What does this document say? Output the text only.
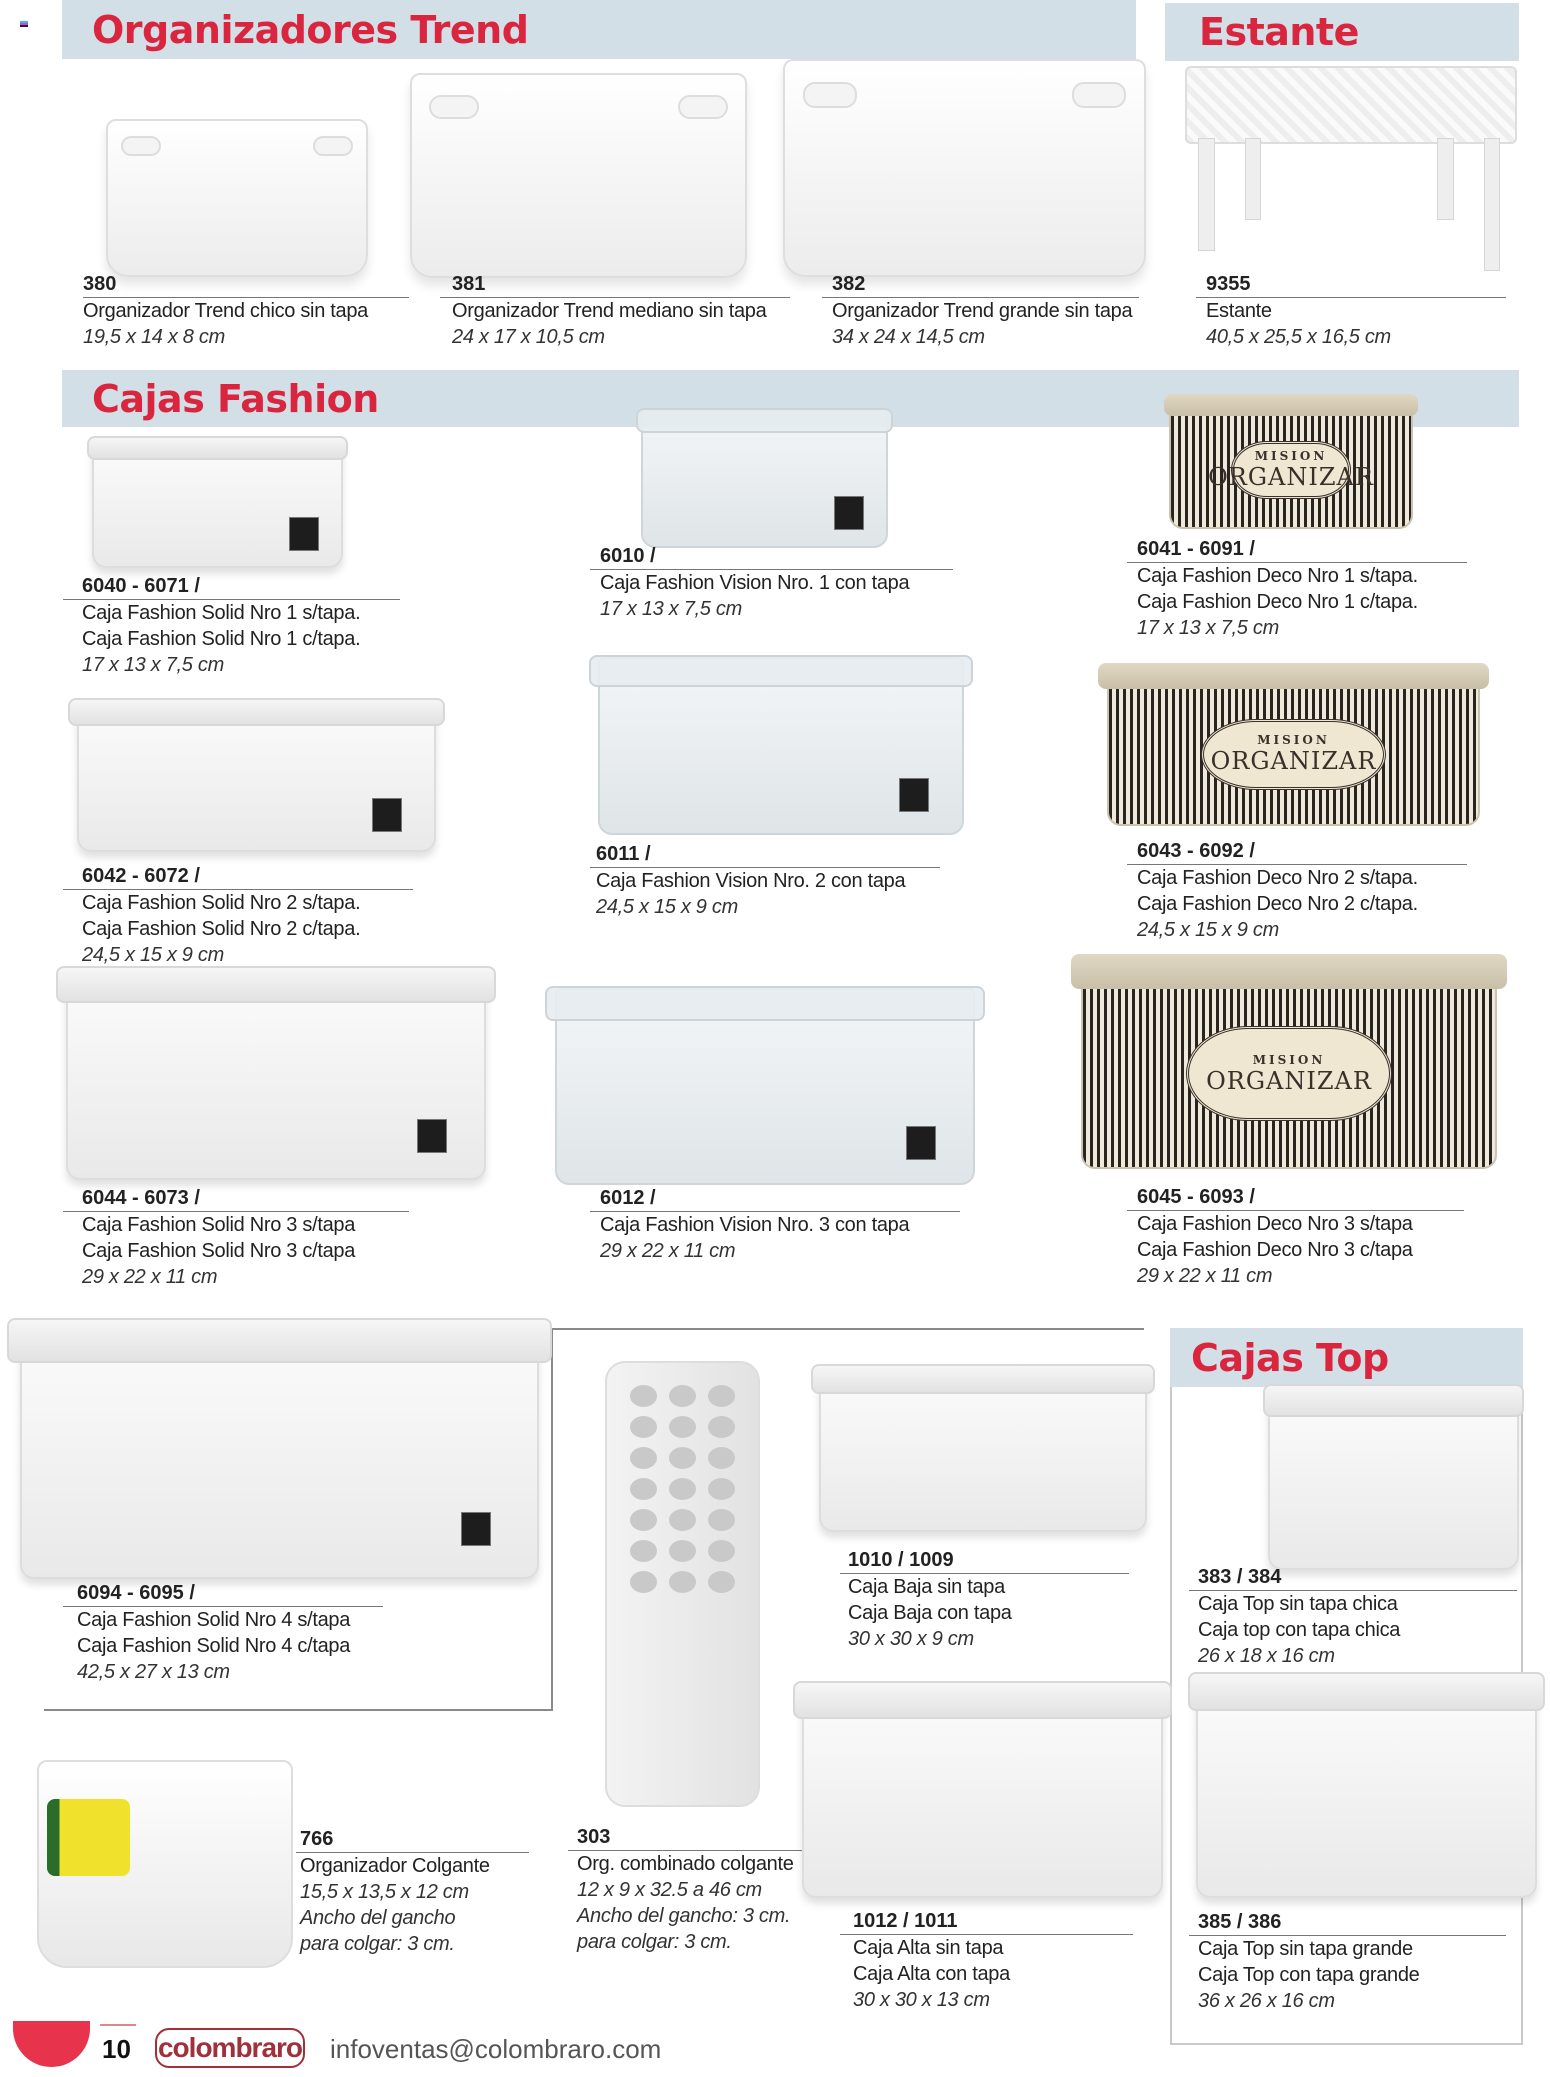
Organizadores Trend	Estante
Cajas Fashion
Cajas Top
380
Organizador Trend chico sin tapa
19,5 x 14 x 8 cm
381
Organizador Trend mediano sin tapa
24 x 17 x 10,5 cm
382
Organizador Trend grande sin tapa
34 x 24 x 14,5 cm
9355
Estante
40,5 x 25,5 x 16,5 cm
6040 - 6071 /
Caja Fashion Solid Nro 1 s/tapa.
Caja Fashion Solid Nro 1 c/tapa.
17 x 13 x 7,5 cm
6010 /
Caja Fashion Vision Nro. 1 con tapa
17 x 13 x 7,5 cm
MISION
ORGANIZAR
6041 - 6091 /
Caja Fashion Deco Nro 1 s/tapa.
Caja Fashion Deco Nro 1 c/tapa.
17 x 13 x 7,5 cm
6042 - 6072 /
Caja Fashion Solid Nro 2 s/tapa.
Caja Fashion Solid Nro 2 c/tapa.
24,5 x 15 x 9 cm
6011 /
Caja Fashion Vision Nro. 2 con tapa
24,5 x 15 x 9 cm
MISION
ORGANIZAR
6043 - 6092 /
Caja Fashion Deco Nro 2 s/tapa.
Caja Fashion Deco Nro 2 c/tapa.
24,5 x 15 x 9 cm
6044 - 6073 /
Caja Fashion Solid Nro 3 s/tapa
Caja Fashion Solid Nro 3 c/tapa
29 x 22 x 11 cm
6012 /
Caja Fashion Vision Nro. 3 con tapa
29 x 22 x 11 cm
MISION
ORGANIZAR
6045 - 6093 /
Caja Fashion Deco Nro 3 s/tapa
Caja Fashion Deco Nro 3 c/tapa
29 x 22 x 11 cm
6094 - 6095 /
Caja Fashion Solid Nro 4 s/tapa
Caja Fashion Solid Nro 4 c/tapa
42,5 x 27 x 13 cm
1010 / 1009
Caja Baja sin tapa
Caja Baja con tapa
30 x 30 x 9 cm
383 / 384
Caja Top sin tapa chica
Caja top con tapa chica
26 x 18 x 16 cm
766
Organizador Colgante
15,5 x 13,5 x 12 cm
Ancho del gancho
para colgar: 3 cm.
303
Org. combinado colgante
12 x 9 x 32.5 a 46 cm
Ancho del gancho: 3 cm.
para colgar: 3 cm.
1012 / 1011
Caja Alta sin tapa
Caja Alta con tapa
30 x 30 x 13 cm
385 / 386
Caja Top sin tapa grande
Caja Top con tapa grande
36 x 26 x 16 cm
10 colombraro infoventas@colombraro.com
